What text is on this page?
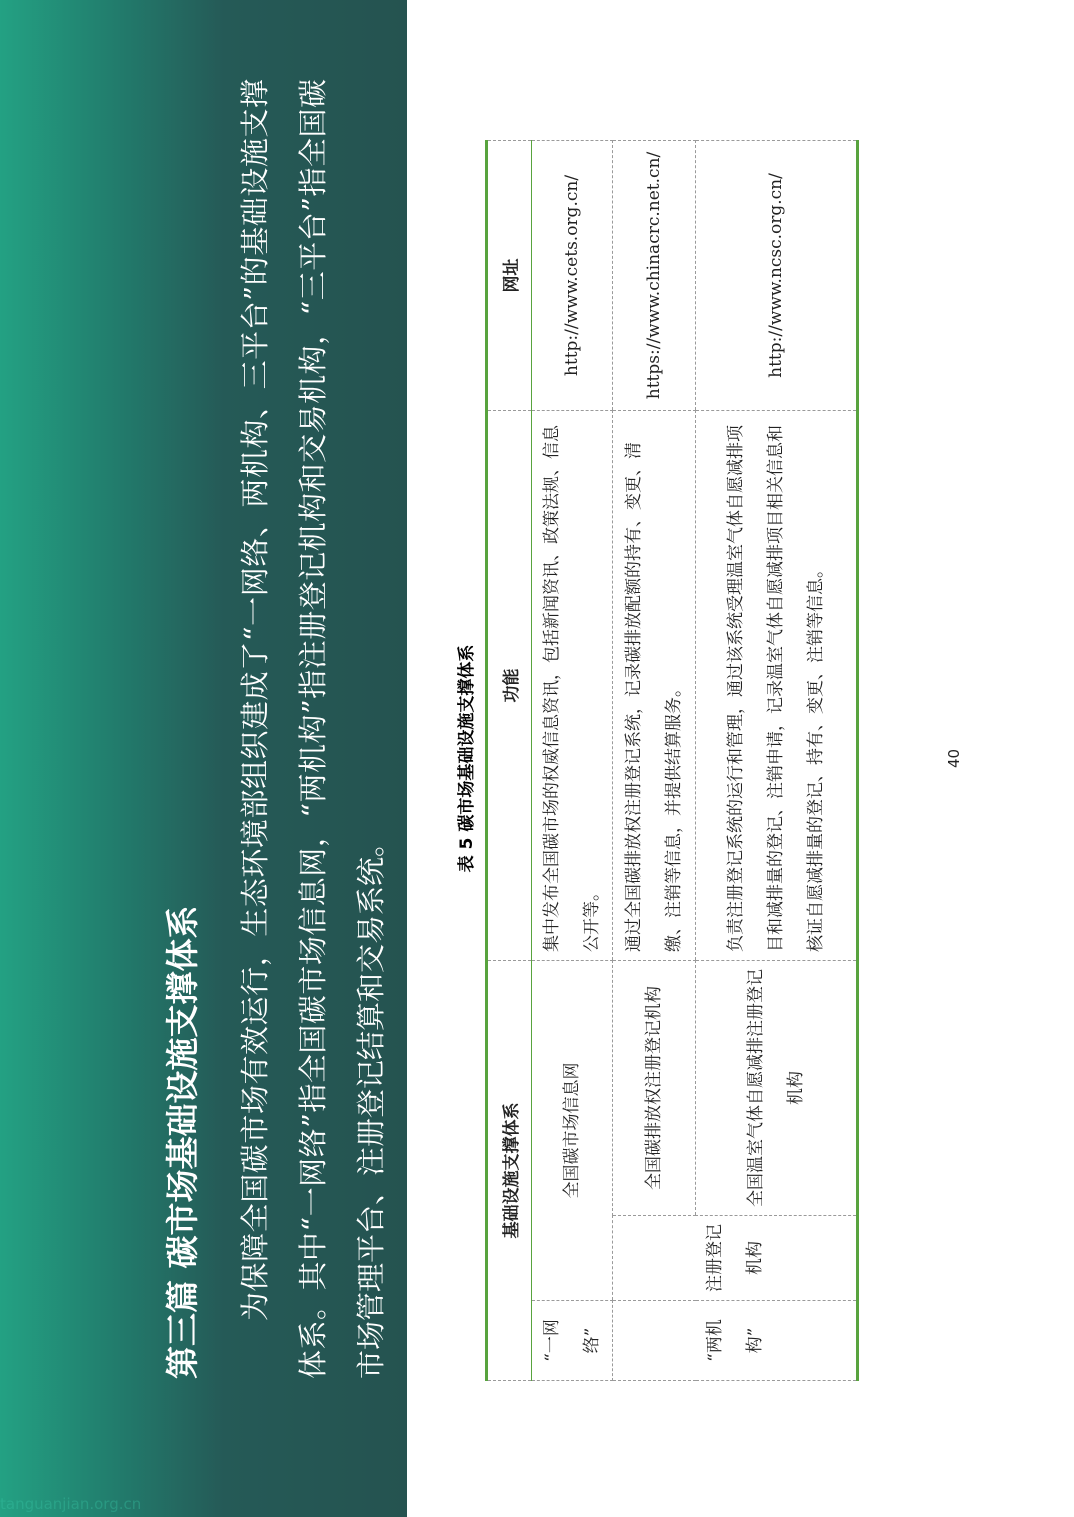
第三篇 碳市场基础设施支撑体系	为保障全国碳市场有效运行，生态环境部组织建成了“一网络、两机构、三平台”的基础设施支撑体系。其中“一网络”指全国碳市场信息网，“两机构”指注册登记机构和交易机构，“三平台”指全国碳市场管理平台、注册登记结算和交易系统。

tanguanjian.org.cn
表 5 碳市场基础设施支撑体系
基础设施支撑体系			功能	网址
“一网络”	全国碳市场信息网		集中发布全国碳市场的权威信息资讯，包括新闻资讯、政策法规、信息公开等。	http://www.cets.org.cn/
“两机构”	注册登记机构	全国碳排放权注册登记机构	通过全国碳排放权注册登记系统，记录碳排放配额的持有、变更、清缴、注销等信息，并提供结算服务。	https://www.chinacrc.net.cn/
		全国温室气体自愿减排注册登记机构	负责注册登记系统的运行和管理，通过该系统受理温室气体自愿减排项目和减排量的登记、注销申请，记录温室气体自愿减排项目相关信息和核证自愿减排量的登记、持有、变更、注销等信息。	http://www.ncsc.org.cn/
40
